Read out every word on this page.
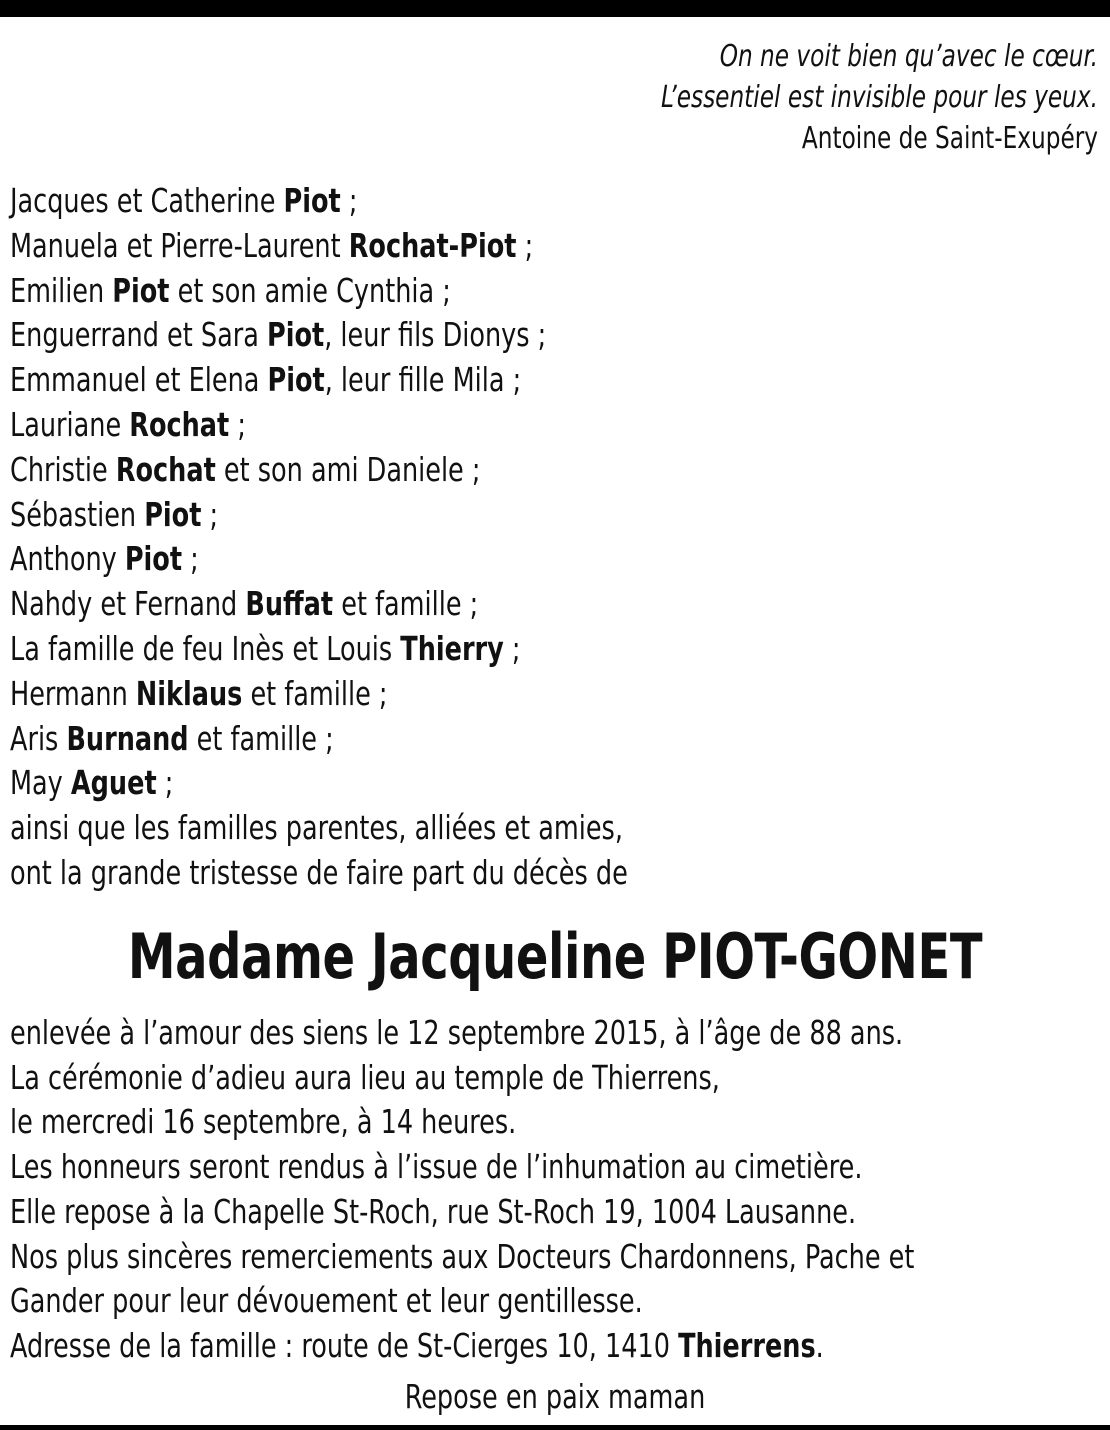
On ne voit bien qu’avec le cœur.
L’essentiel est invisible pour les yeux.
Antoine de Saint-Exupéry
Jacques et Catherine Piot ;
Manuela et Pierre-Laurent Rochat-Piot ;
Emilien Piot et son amie Cynthia ;
Enguerrand et Sara Piot, leur fils Dionys ;
Emmanuel et Elena Piot, leur fille Mila ;
Lauriane Rochat ;
Christie Rochat et son ami Daniele ;
Sébastien Piot ;
Anthony Piot ;
Nahdy et Fernand Buffat et famille ;
La famille de feu Inès et Louis Thierry ;
Hermann Niklaus et famille ;
Aris Burnand et famille ;
May Aguet ;
ainsi que les familles parentes, alliées et amies,
ont la grande tristesse de faire part du décès de
Madame Jacqueline PIOT-GONET
enlevée à l’amour des siens le 12 septembre 2015, à l’âge de 88 ans.
La cérémonie d’adieu aura lieu au temple de Thierrens,
le mercredi 16 septembre, à 14 heures.
Les honneurs seront rendus à l’issue de l’inhumation au cimetière.
Elle repose à la Chapelle St-Roch, rue St-Roch 19, 1004 Lausanne.
Nos plus sincères remerciements aux Docteurs Chardonnens, Pache et
Gander pour leur dévouement et leur gentillesse.
Adresse de la famille : route de St-Cierges 10, 1410 Thierrens.
Repose en paix maman
